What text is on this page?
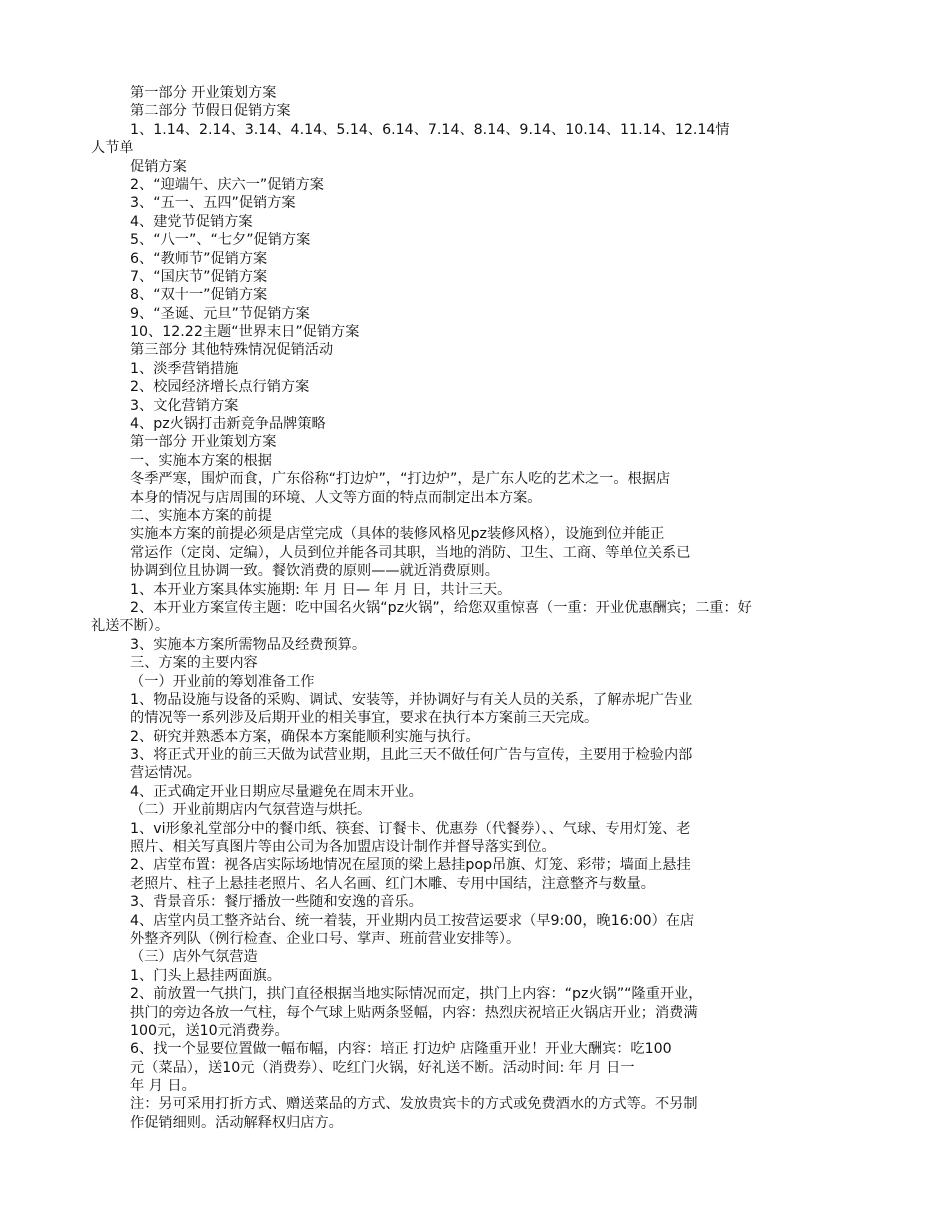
第一部分 开业策划方案
第二部分 节假日促销方案
1、1.14、2.14、3.14、4.14、5.14、6.14、7.14、8.14、9.14、10.14、11.14、12.14情
人节单
促销方案
2、“迎端午、庆六一”促销方案
3、“五一、五四”促销方案
4、建党节促销方案
5、“八一”、“七夕”促销方案
6、“教师节”促销方案
7、“国庆节”促销方案
8、“双十一”促销方案
9、“圣诞、元旦”节促销方案
10、12.22主题“世界末日”促销方案
第三部分 其他特殊情况促销活动
1、淡季营销措施
2、校园经济增长点行销方案
3、文化营销方案
4、pz火锅打击新竞争品牌策略
第一部分 开业策划方案
一、实施本方案的根据
冬季严寒，围炉而食，广东俗称“打边炉”，“打边炉”，是广东人吃的艺术之一。根据店
本身的情况与店周围的环境、人文等方面的特点而制定出本方案。
二、实施本方案的前提
实施本方案的前提必须是店堂完成（具体的装修风格见pz装修风格），设施到位并能正
常运作（定岗、定编），人员到位并能各司其职，当地的消防、卫生、工商、等单位关系已
协调到位且协调一致。餐饮消费的原则——就近消费原则。
1、本开业方案具体实施期: 年 月 日— 年 月 日，共计三天。
2、本开业方案宣传主题：吃中国名火锅“pz火锅”，给您双重惊喜（一重：开业优惠酬宾；二重：好
礼送不断）。
3、实施本方案所需物品及经费预算。
三、方案的主要内容
（一）开业前的筹划准备工作
1、物品设施与设备的采购、调试、安装等，并协调好与有关人员的关系，了解赤坭广告业
的情况等一系列涉及后期开业的相关事宜，要求在执行本方案前三天完成。
2、研究并熟悉本方案，确保本方案能顺利实施与执行。
3、将正式开业的前三天做为试营业期，且此三天不做任何广告与宣传，主要用于检验内部
营运情况。
4、正式确定开业日期应尽量避免在周末开业。
（二）开业前期店内气氛营造与烘托。
1、vi形象礼堂部分中的餐巾纸、筷套、订餐卡、优惠券（代餐券）、、气球、专用灯笼、老
照片、相关写真图片等由公司为各加盟店设计制作并督导落实到位。
2、店堂布置：视各店实际场地情况在屋顶的梁上悬挂pop吊旗、灯笼、彩带；墙面上悬挂
老照片、柱子上悬挂老照片、名人名画、红门木雕、专用中国结，注意整齐与数量。
3、背景音乐：餐厅播放一些随和安逸的音乐。
4、店堂内员工整齐站台、统一着装，开业期内员工按营运要求（早9:00，晚16:00）在店
外整齐列队（例行检查、企业口号、掌声、班前营业安排等）。
（三）店外气氛营造
1、门头上悬挂两面旗。
2、前放置一气拱门，拱门直径根据当地实际情况而定，拱门上内容：“pz火锅”“隆重开业，
拱门的旁边各放一气柱，每个气球上贴两条竖幅，内容：热烈庆祝培正火锅店开业；消费满
100元，送10元消费券。
6、找一个显要位置做一幅布幅，内容：培正 打边炉 店隆重开业！开业大酬宾：吃100
元（菜品），送10元（消费券）、吃红门火锅，好礼送不断。活动时间: 年 月 日一
年 月 日。
注：另可采用打折方式、赠送菜品的方式、发放贵宾卡的方式或免费酒水的方式等。不另制
作促销细则。活动解释权归店方。
